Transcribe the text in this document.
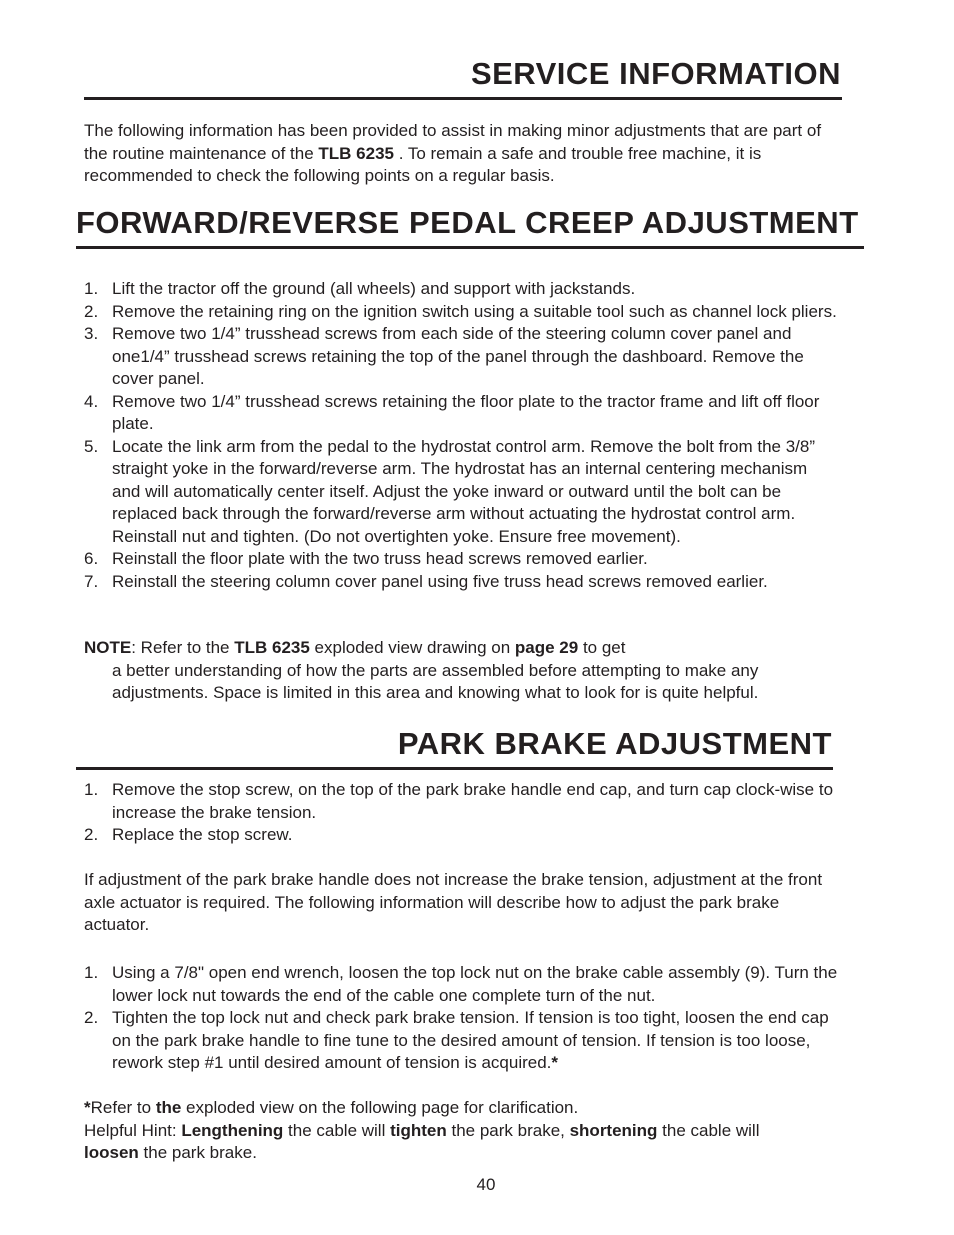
SERVICE INFORMATION

The following information has been provided to assist in making minor adjustments that are part of the routine maintenance of the TLB 6235 . To remain a safe and trouble free machine, it is recommended to check the following points on a regular basis.

FORWARD/REVERSE PEDAL CREEP ADJUSTMENT
1. Lift the tractor off the ground (all wheels) and support with jackstands.
2. Remove the retaining ring on the ignition switch using a suitable tool such as channel lock pliers.
3. Remove two 1/4” trusshead screws from each side of the steering column cover panel and one1/4” trusshead screws retaining the top of the panel through the dashboard. Remove the cover panel.
4. Remove two 1/4” trusshead screws retaining the floor plate to the tractor frame and lift off floor plate.
5. Locate the link arm from the pedal to the hydrostat control arm. Remove the bolt from the 3/8” straight yoke in the forward/reverse arm. The hydrostat has an internal centering mechanism and will automatically center itself. Adjust the yoke inward or outward until the bolt can be replaced back through the forward/reverse arm without actuating the hydrostat control arm. Reinstall nut and tighten. (Do not overtighten yoke. Ensure free movement).
6. Reinstall the floor plate with the two truss head screws removed earlier.
7. Reinstall the steering column cover panel using five truss head screws removed earlier.

NOTE: Refer to the TLB 6235 exploded view drawing on page 29 to get
a better understanding of how the parts are assembled before attempting to make any adjustments. Space is limited in this area and knowing what to look for is quite helpful.

PARK BRAKE ADJUSTMENT
1. Remove the stop screw, on the top of the park brake handle end cap, and turn cap clock-wise to increase the brake tension.
2. Replace the stop screw.

If adjustment of the park brake handle does not increase the brake tension, adjustment at the front axle actuator is required. The following information will describe how to adjust the park brake actuator.

1. Using a 7/8" open end wrench, loosen the top lock nut on the brake cable assembly (9). Turn the lower lock nut towards the end of the cable one complete turn of the nut.
2. Tighten the top lock nut and check park brake tension. If tension is too tight, loosen the end cap on the park brake handle to fine tune to the desired amount of tension. If tension is too loose, rework step #1 until desired amount of tension is acquired.*

*Refer to the exploded view on the following page for clarification.
Helpful Hint: Lengthening the cable will tighten the park brake, shortening the cable will
loosen the park brake.

40
